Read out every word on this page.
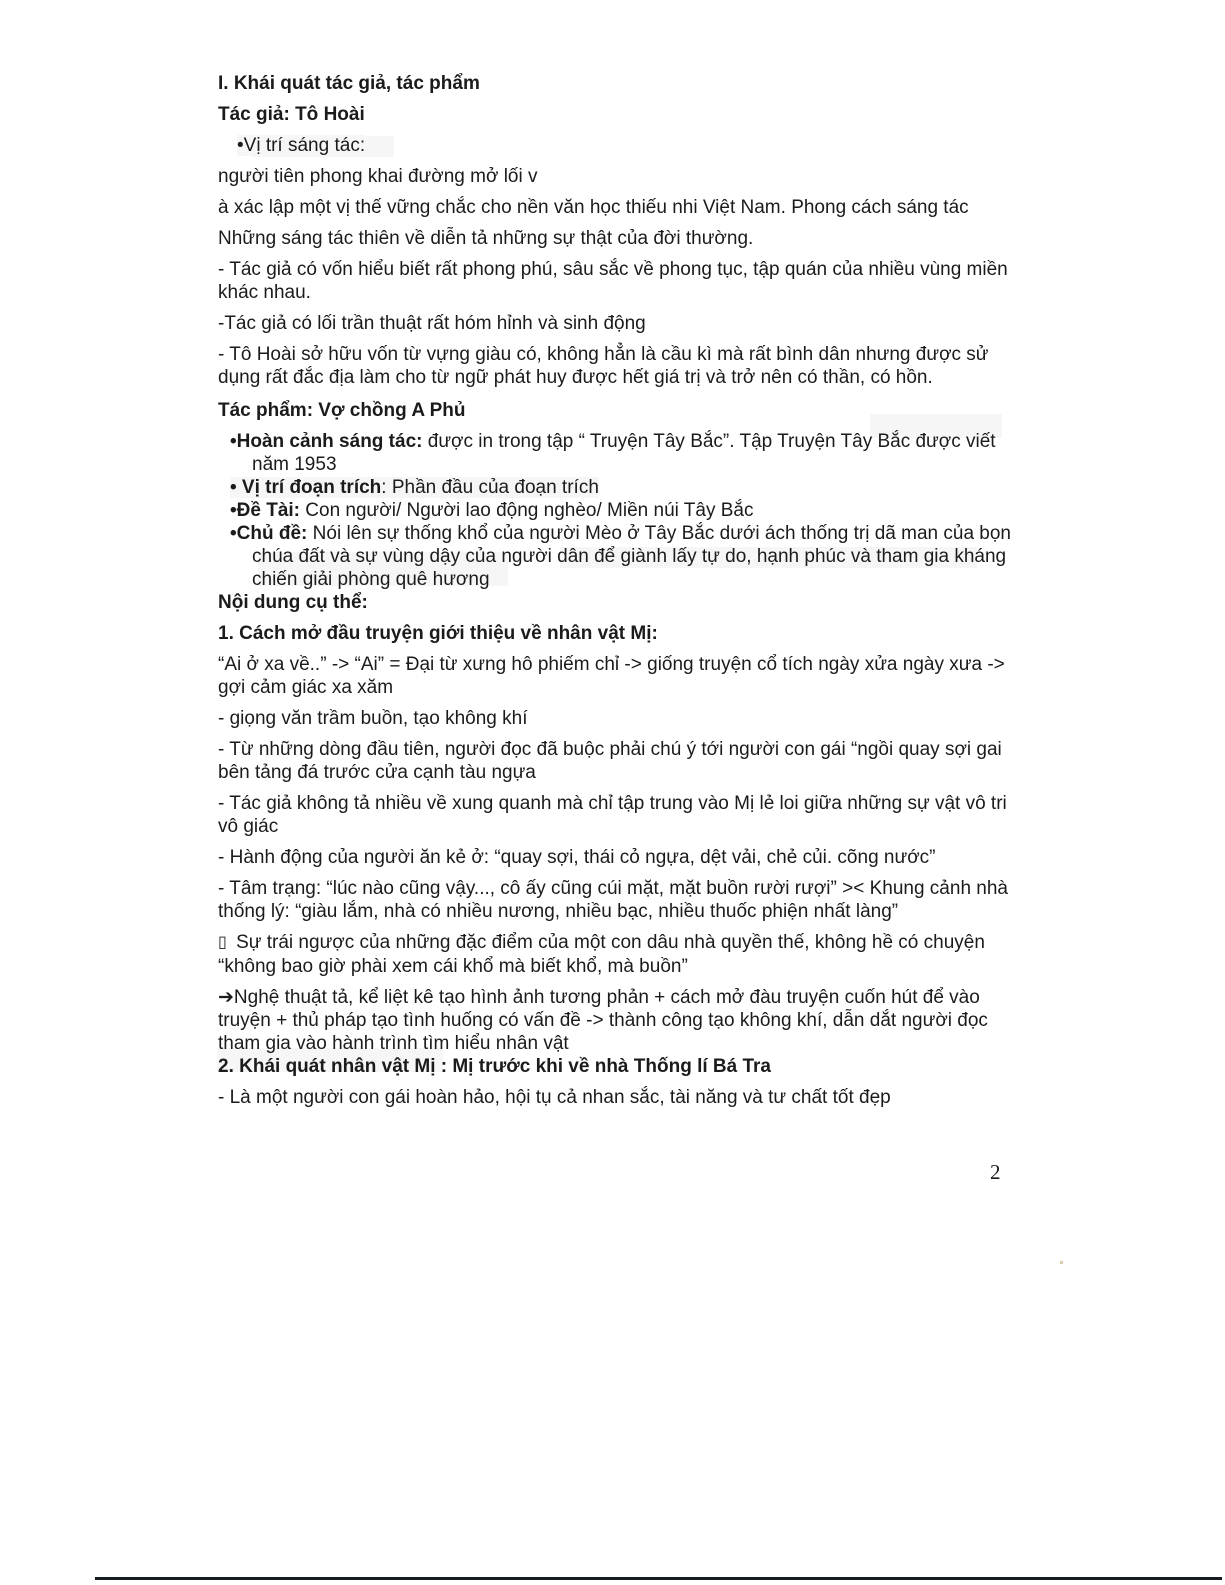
I. Khái quát tác giả, tác phẩm

Tác giả: Tô Hoài

•Vị trí sáng tác:

người tiên phong khai đường mở lối v

à xác lập một vị thế vững chắc cho nền văn học thiếu nhi Việt Nam. Phong cách sáng tác

Những sáng tác thiên về diễn tả những sự thật của đời thường.

- Tác giả có vốn hiểu biết rất phong phú, sâu sắc về phong tục, tập quán của nhiều vùng miền khác nhau.

-Tác giả có lối trần thuật rất hóm hỉnh và sinh động

- Tô Hoài sở hữu vốn từ vựng giàu có, không hẳn là cầu kì mà rất bình dân nhưng được sử dụng rất đắc địa làm cho từ ngữ phát huy được hết giá trị và trở nên có thần, có hồn.

Tác phẩm: Vợ chồng A Phủ

•Hoàn cảnh sáng tác: được in trong tập “ Truyện Tây Bắc”. Tập Truyện Tây Bắc được viết năm 1953
• Vị trí đoạn trích: Phần đầu của đoạn trích
•Đề Tài: Con người/ Người lao động nghèo/ Miền núi Tây Bắc
•Chủ đề: Nói lên sự thống khổ của người Mèo ở Tây Bắc dưới ách thống trị dã man của bọn chúa đất và sự vùng dậy của người dân để giành lấy tự do, hạnh phúc và tham gia kháng chiến giải phòng quê hương

Nội dung cụ thể:

1. Cách mở đầu truyện giới thiệu về nhân vật Mị:

“Ai ở xa về..” -> “Ai” = Đại từ xưng hô phiếm chỉ -> giống truyện cổ tích ngày xửa ngày xưa -> gợi cảm giác xa xăm

- giọng văn trầm buồn, tạo không khí

- Từ những dòng đầu tiên, người đọc đã buộc phải chú ý tới người con gái “ngồi quay sợi gai bên tảng đá trước cửa cạnh tàu ngựa

- Tác giả không tả nhiều về xung quanh mà chỉ tập trung vào Mị lẻ loi giữa những sự vật vô tri vô giác

- Hành động của người ăn kẻ ở: “quay sợi, thái cỏ ngựa, dệt vải, chẻ củi. cõng nước”

- Tâm trạng: “lúc nào cũng vậy..., cô ấy cũng cúi mặt, mặt buồn rười rượi” >< Khung cảnh nhà thống lý: “giàu lắm, nhà có nhiều nương, nhiều bạc, nhiều thuốc phiện nhất làng”

▯ Sự trái ngược của những đặc điểm của một con dâu nhà quyền thế, không hề có chuyện “không bao giờ phài xem cái khổ mà biết khổ, mà buồn”

➔Nghệ thuật tả, kể liệt kê tạo hình ảnh tương phản + cách mở đàu truyện cuốn hút để vào truyện + thủ pháp tạo tình huống có vấn đề -> thành công tạo không khí, dẫn dắt người đọc tham gia vào hành trình tìm hiểu nhân vật

2. Khái quát nhân vật Mị : Mị trước khi về nhà Thống lí Bá Tra

- Là một người con gái hoàn hảo, hội tụ cả nhan sắc, tài năng và tư chất tốt đẹp

2
